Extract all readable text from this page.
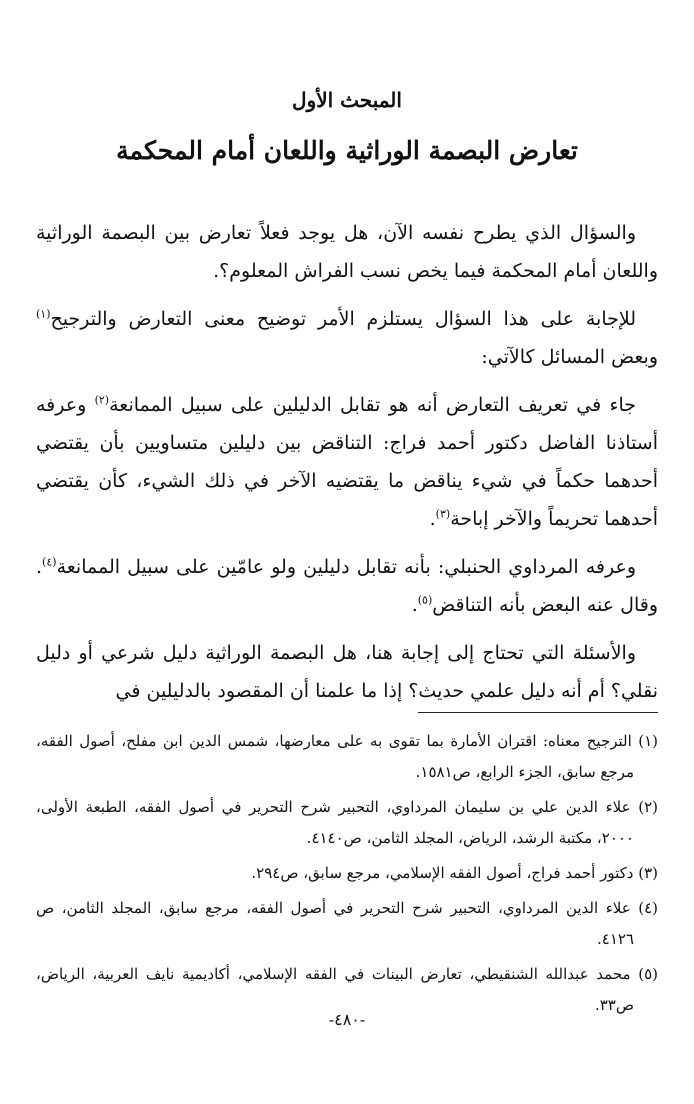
المبحث الأول
تعارض البصمة الوراثية واللعان أمام المحكمة

والسؤال الذي يطرح نفسه الآن، هل يوجد فعلاً تعارض بين البصمة الوراثية واللعان أمام المحكمة فيما يخص نسب الفراش المعلوم؟.

للإجابة على هذا السؤال يستلزم الأمر توضيح معنى التعارض والترجيح$^{(١)}$ وبعض المسائل كالآتي:

جاء في تعريف التعارض أنه هو تقابل الدليلين على سبيل الممانعة$^{(٢)}$ وعرفه أستاذنا الفاضل دكتور أحمد فراج: التناقض بين دليلين متساويين بأن يقتضي أحدهما حكماً في شيء يناقض ما يقتضيه الآخر في ذلك الشيء، كأن يقتضي أحدهما تحريماً والآخر إباحة$^{(٣)}$.

وعرفه المرداوي الحنبلي: بأنه تقابل دليلين ولو عامّين على سبيل الممانعة$^{(٤)}$. وقال عنه البعض بأنه التناقض$^{(٥)}$.

والأسئلة التي تحتاج إلى إجابة هنا، هل البصمة الوراثية دليل شرعي أو دليل نقلي؟ أم أنه دليل علمي حديث؟ إذا ما علمنا أن المقصود بالدليلين في

(١) الترجيح معناه: اقتران الأمارة بما تقوى به على معارضها، شمس الدين ابن مفلح، أصول الفقه، مرجع سابق، الجزء الرابع، ص١٥٨١.

(٢) علاء الدين علي بن سليمان المرداوي، التحبير شرح التحرير في أصول الفقه، الطبعة الأولى، ٢٠٠٠، مكتبة الرشد، الرياض، المجلد الثامن، ص٤١٤٠.

(٣) دكتور أحمد فراج، أصول الفقه الإسلامي، مرجع سابق، ص٢٩٤.

(٤) علاء الدين المرداوي، التحبير شرح التحرير في أصول الفقه، مرجع سابق، المجلد الثامن، ص ٤١٢٦.

(٥) محمد عبدالله الشنقيطي، تعارض البينات في الفقه الإسلامي، أكاديمية نايف العربية، الرياض، ص٣٣.

-٤٨٠-
